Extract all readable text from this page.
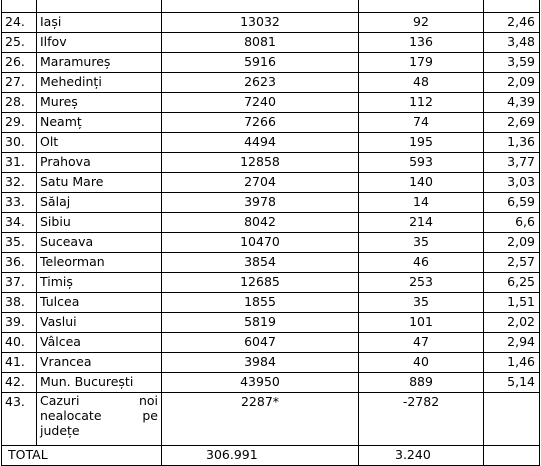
24.	Iași	13032	92	2,46
25.	Ilfov	8081	136	3,48
26.	Maramureș	5916	179	3,59
27.	Mehedinți	2623	48	2,09
28.	Mureș	7240	112	4,39
29.	Neamț	7266	74	2,69
30.	Olt	4494	195	1,36
31.	Prahova	12858	593	3,77
32.	Satu Mare	2704	140	3,03
33.	Sălaj	3978	14	6,59
34.	Sibiu	8042	214	6,6
35.	Suceava	10470	35	2,09
36.	Teleorman	3854	46	2,57
37.	Timiș	12685	253	6,25
38.	Tulcea	1855	35	1,51
39.	Vaslui	5819	101	2,02
40.	Vâlcea	6047	47	2,94
41.	Vrancea	3984	40	1,46
42.	Mun. București	43950	889	5,14
43.	Cazuri noi
nealocate pe
județe	2287*	-2782	
TOTAL		306.991	3.240	
